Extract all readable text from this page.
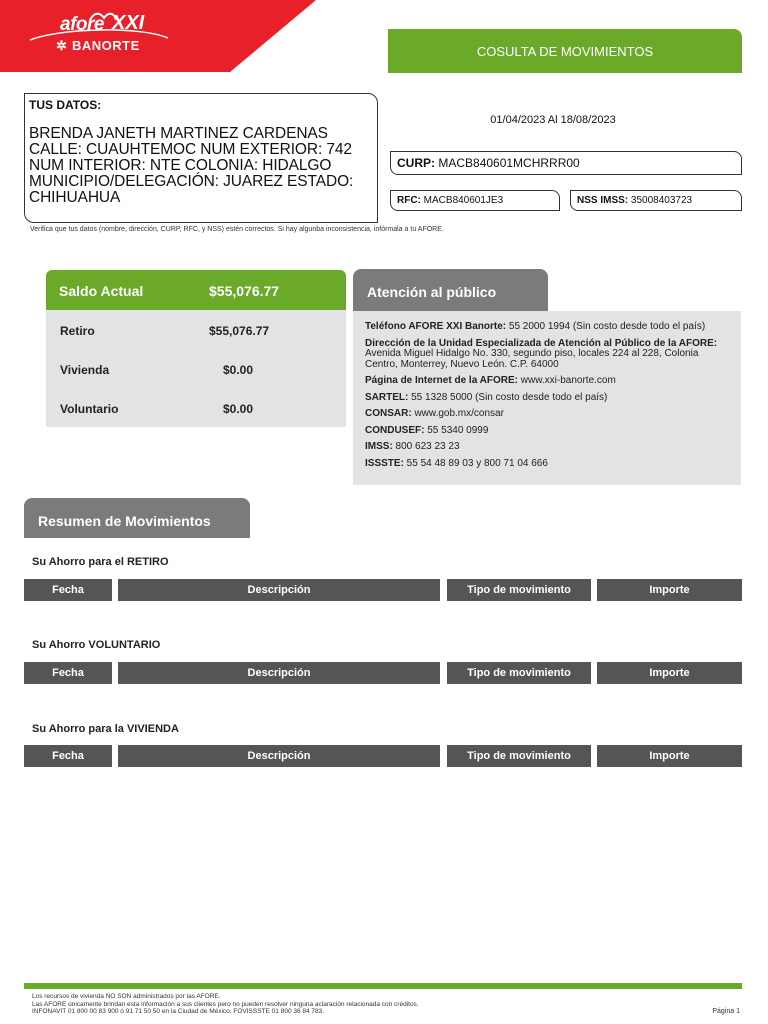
afore XXI
✲ BANORTE	COSULTA DE MOVIMIENTOS
TUS DATOS:
BRENDA JANETH MARTINEZ CARDENAS CALLE: CUAUHTEMOC NUM EXTERIOR: 742 NUM INTERIOR: NTE COLONIA: HIDALGO MUNICIPIO/DELEGACIÓN: JUAREZ ESTADO: CHIHUAHUA
01/04/2023 Al 18/08/2023
CURP: MACB840601MCHRRR00
RFC: MACB840601JE3	NSS IMSS: 35008403723
Verifica que tus datos (nombre, dirección, CURP, RFC, y NSS) estén correctos. Si hay algunba inconsistencia, infórmala a tu AFORE.
Saldo Actual	$55,076.77
Retiro	$55,076.77
Vivienda	$0.00
Voluntario	$0.00
Atención al público
Teléfono AFORE XXI Banorte: 55 2000 1994 (Sin costo desde todo el país)
Dirección de la Unidad Especializada de Atención al Público de la AFORE:
Avenida Miguel Hidalgo No. 330, segundo piso, locales 224 al 228, Colonia Centro, Monterrey, Nuevo León. C.P. 64000
Página de Internet de la AFORE: www.xxi-banorte.com
SARTEL: 55 1328 5000 (Sin costo desde todo el país)
CONSAR: www.gob.mx/consar
CONDUSEF: 55 5340 0999
IMSS: 800 623 23 23
ISSSTE: 55 54 48 89 03 y 800 71 04 666
Resumen de Movimientos
Su Ahorro para el RETIRO
Fecha	Descripción	Tipo de movimiento	Importe
Su Ahorro VOLUNTARIO
Fecha	Descripción	Tipo de movimiento	Importe
Su Ahorro para la VIVIENDA
Fecha	Descripción	Tipo de movimiento	Importe
Los recursos de vivienda NO SON administrados por las AFORE.
Las AFORE únicamente brindan esta información a sus clientes pero no pueden resolver ninguna aclaración relacionada con créditos.
INFONAVIT 01 800 00 83 900 ó 91 71 50 50 en la Ciudad de México, FOVISSSTE 01 800 36 84 783.	Página 1
